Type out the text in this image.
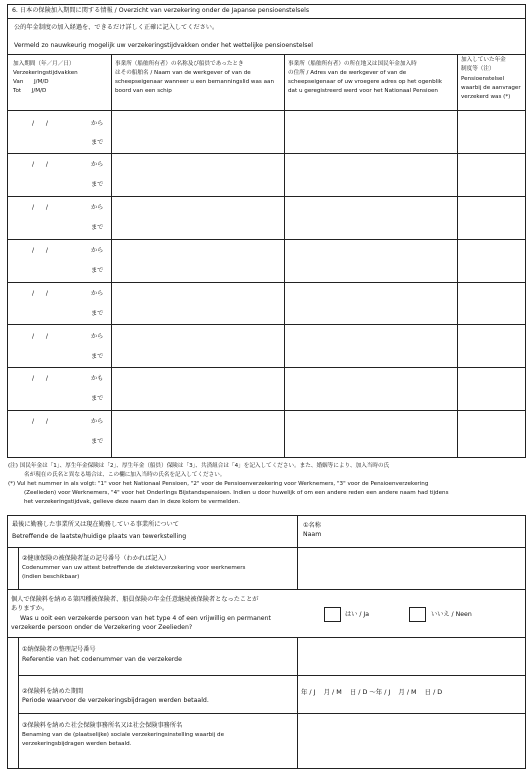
6. 日本の保険加入期間に関する情報 / Overzicht van verzekering onder de Japanse pensioenstelsels
公的年金制度の加入経過を、できるだけ詳しく正確に記入してください。
Vermeld zo nauwkeurig mogelijk uw verzekeringstijdvakken onder het wettelijke pensioenstelsel
加入期間（年／月／日）
Verzekeringstijdvakken
Van      J/M/D
Tot      J/M/D
事業所（船舶所有者）の名称及び船員であったとき
はその船舶名 / Naam van de werkgever of van de
scheepseigenaar wanneer u een bemanningslid was aan
boord van een schip
事業所（船舶所有者）の所在地又は国民年金加入時
の住所 / Adres van de werkgever of van de
scheepseigenaar of uw vroegere adres op het ogenblik
dat u geregistreerd werd voor het Nationaal Pensioen
加入していた年金
制度等（注）
Pensioenstelsel
waarbij de aanvrager
verzekerd was (*)
/      /	から
まで
/      /	から
まで
/      /	から
まで
/      /	から
まで
/      /	から
まで
/      /	から
まで
/      /	かも
まで
/      /	から
まで
(注) 国民年金は「1」、厚生年金保険は「2」、厚生年金（船員）保険は「3」、共済組合は「4」を記入してください。また、婚姻等により、加入当時の氏
名が現在の氏名と異なる場合は、この欄に加入当時の氏名を記入してください。
(*) Vul het nummer in als volgt: "1" voor het Nationaal Pensioen, "2" voor de Pensioenverzekering voor Werknemers, "3" voor de Pensioenverzekering
(Zeelieden) voor Werknemers, "4" voor het Onderlings Bijstandspensioen. Indien u door huwelijk of om een andere reden een andere naam had tijdens
het verzekeringstijdvak, gelieve deze naam dan in deze kolom te vermelden.
最後に勤務した事業所又は現在勤務している事業所について
Betreffende de laatste/huidige plaats van tewerkstelling
①名称
Naam
②健康保険の被保険者証の記号番号（わかれば記入）
Codenummer van uw attest betreffende de ziekteverzekering voor werknemers
(indien beschikbaar)
個人で保険料を納める第四種被保険者、船員保険の年金任意継続被保険者となったことが
ありますか。
Was u ooit een verzekerde persoon van het type 4 of een vrijwillig en permanent
verzekerde persoon onder de Verzekering voor Zeelieden?
はい / Ja	いいえ / Neen
①納保険者の整理記号番号
Referentie van het codenummer van de verzekerde
②保険料を納めた期間
Periode waarvoor de verzekeringsbijdragen werden betaald.
年 / J    月 / M    日 / D 〜年 / J    月 / M    日 / D
③保険料を納めた社会保険事務所名又は社会保険事務所名
Benaming van de (plaatselijke) sociale verzekeringsinstelling waarbij de
verzekeringsbijdragen werden betaald.
